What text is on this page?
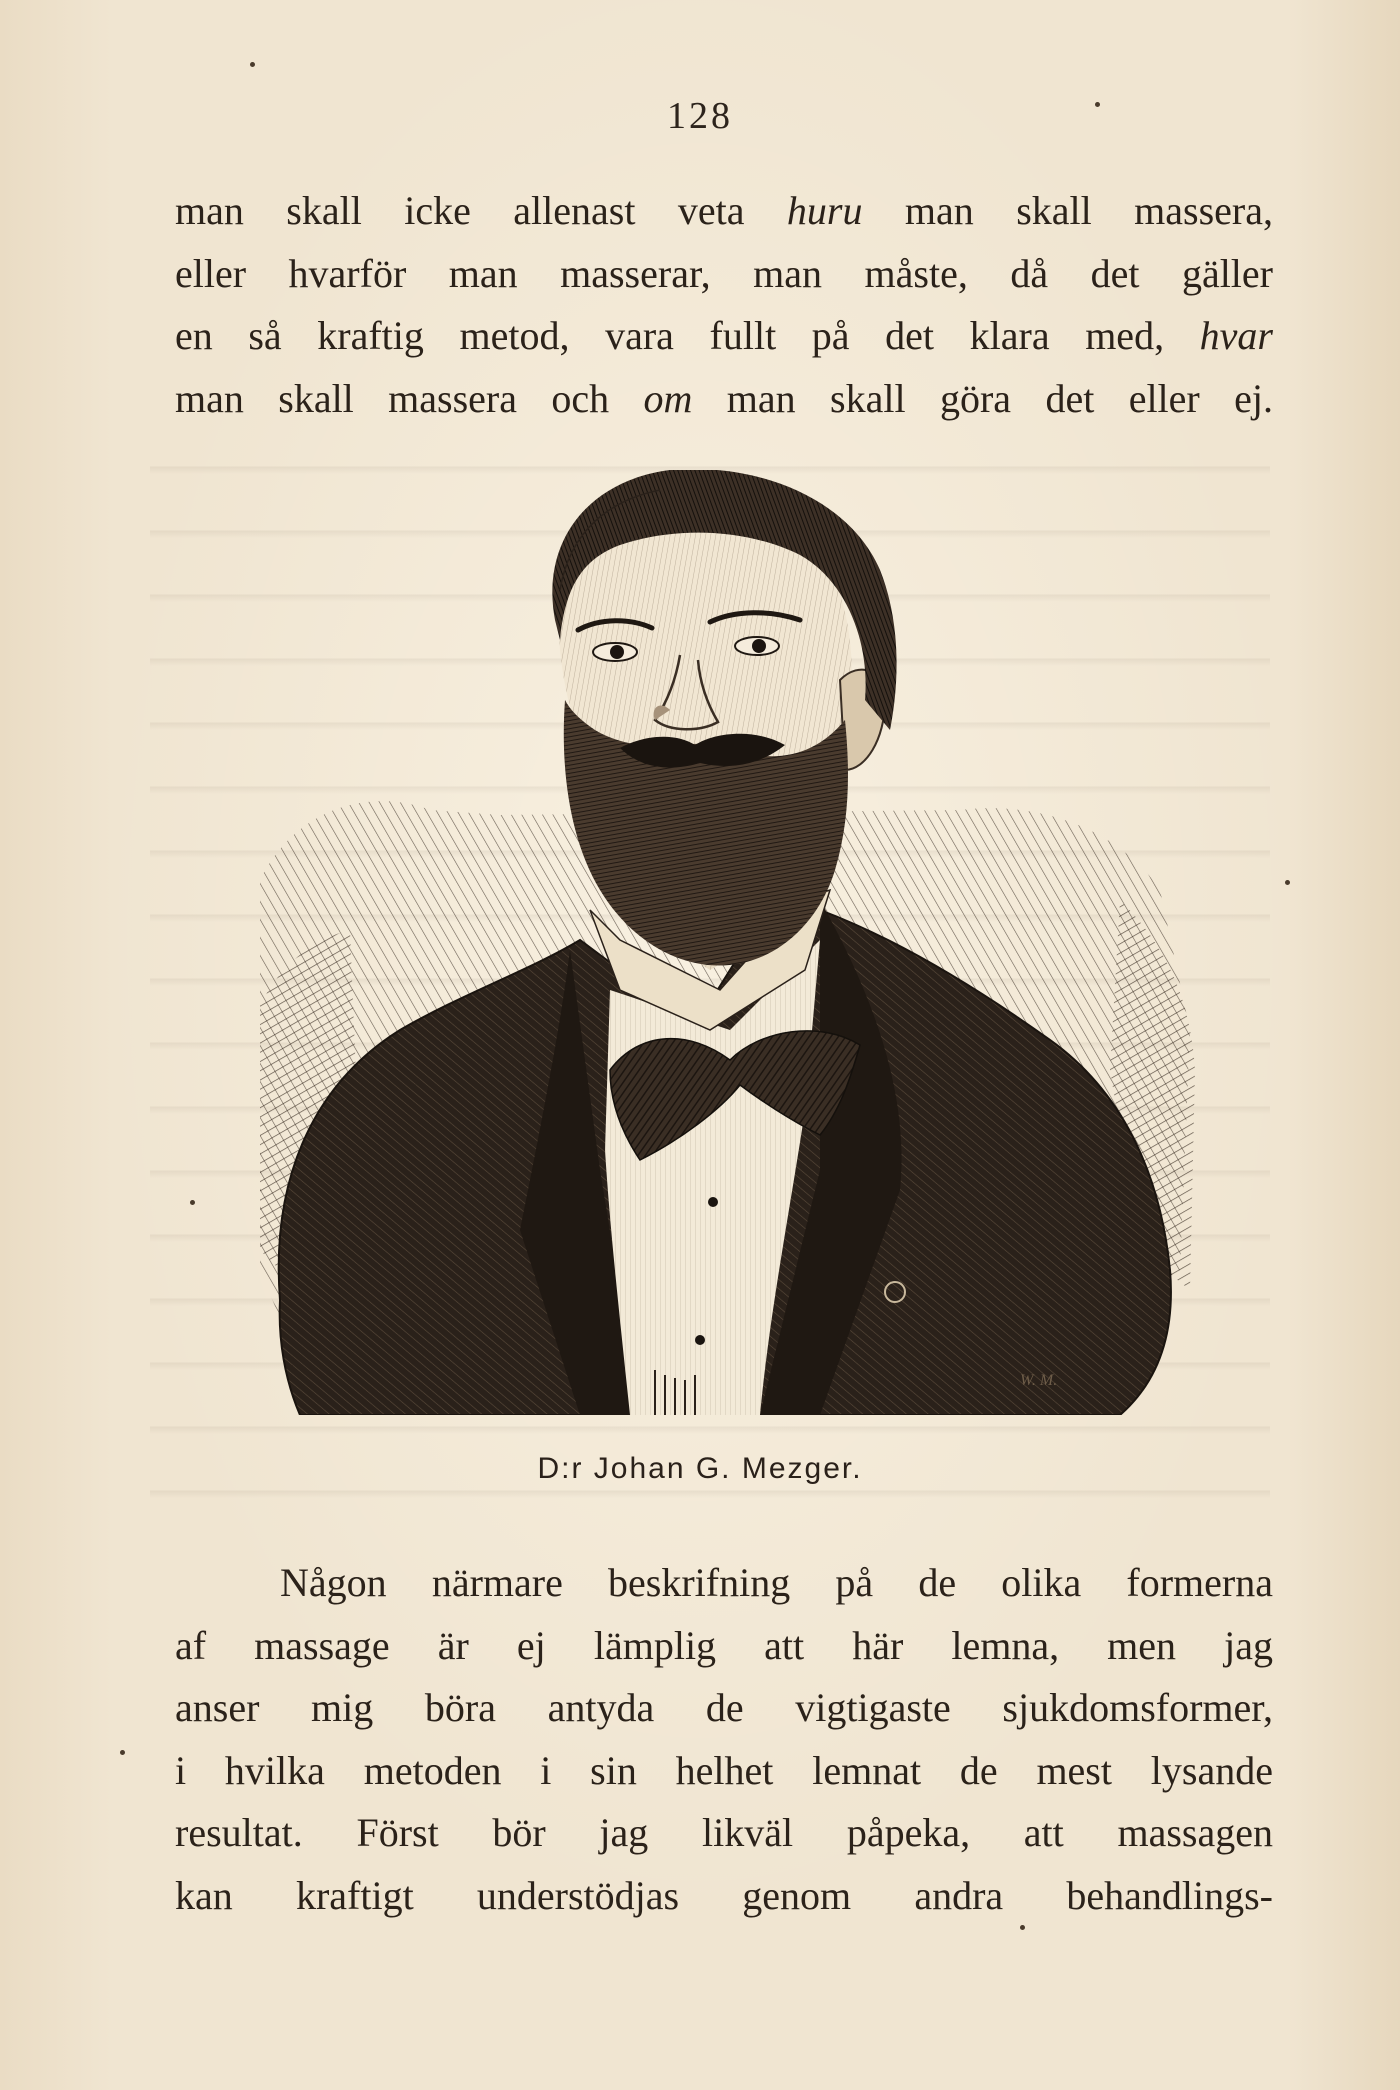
128
man skall icke allenast veta huru man skall massera,
eller hvarför man masserar, man måste, då det gäller
en så kraftig metod, vara fullt på det klara med, hvar
man skall massera och om man skall göra det eller ej.
W. M.
D:r Johan G. Mezger.
Någon närmare beskrifning på de olika formerna
af massage är ej lämplig att här lemna, men jag
anser mig böra antyda de vigtigaste sjukdomsformer,
i hvilka metoden i sin helhet lemnat de mest lysande
resultat. Först bör jag likväl påpeka, att massagen
kan kraftigt understödjas genom andra behandlings-
